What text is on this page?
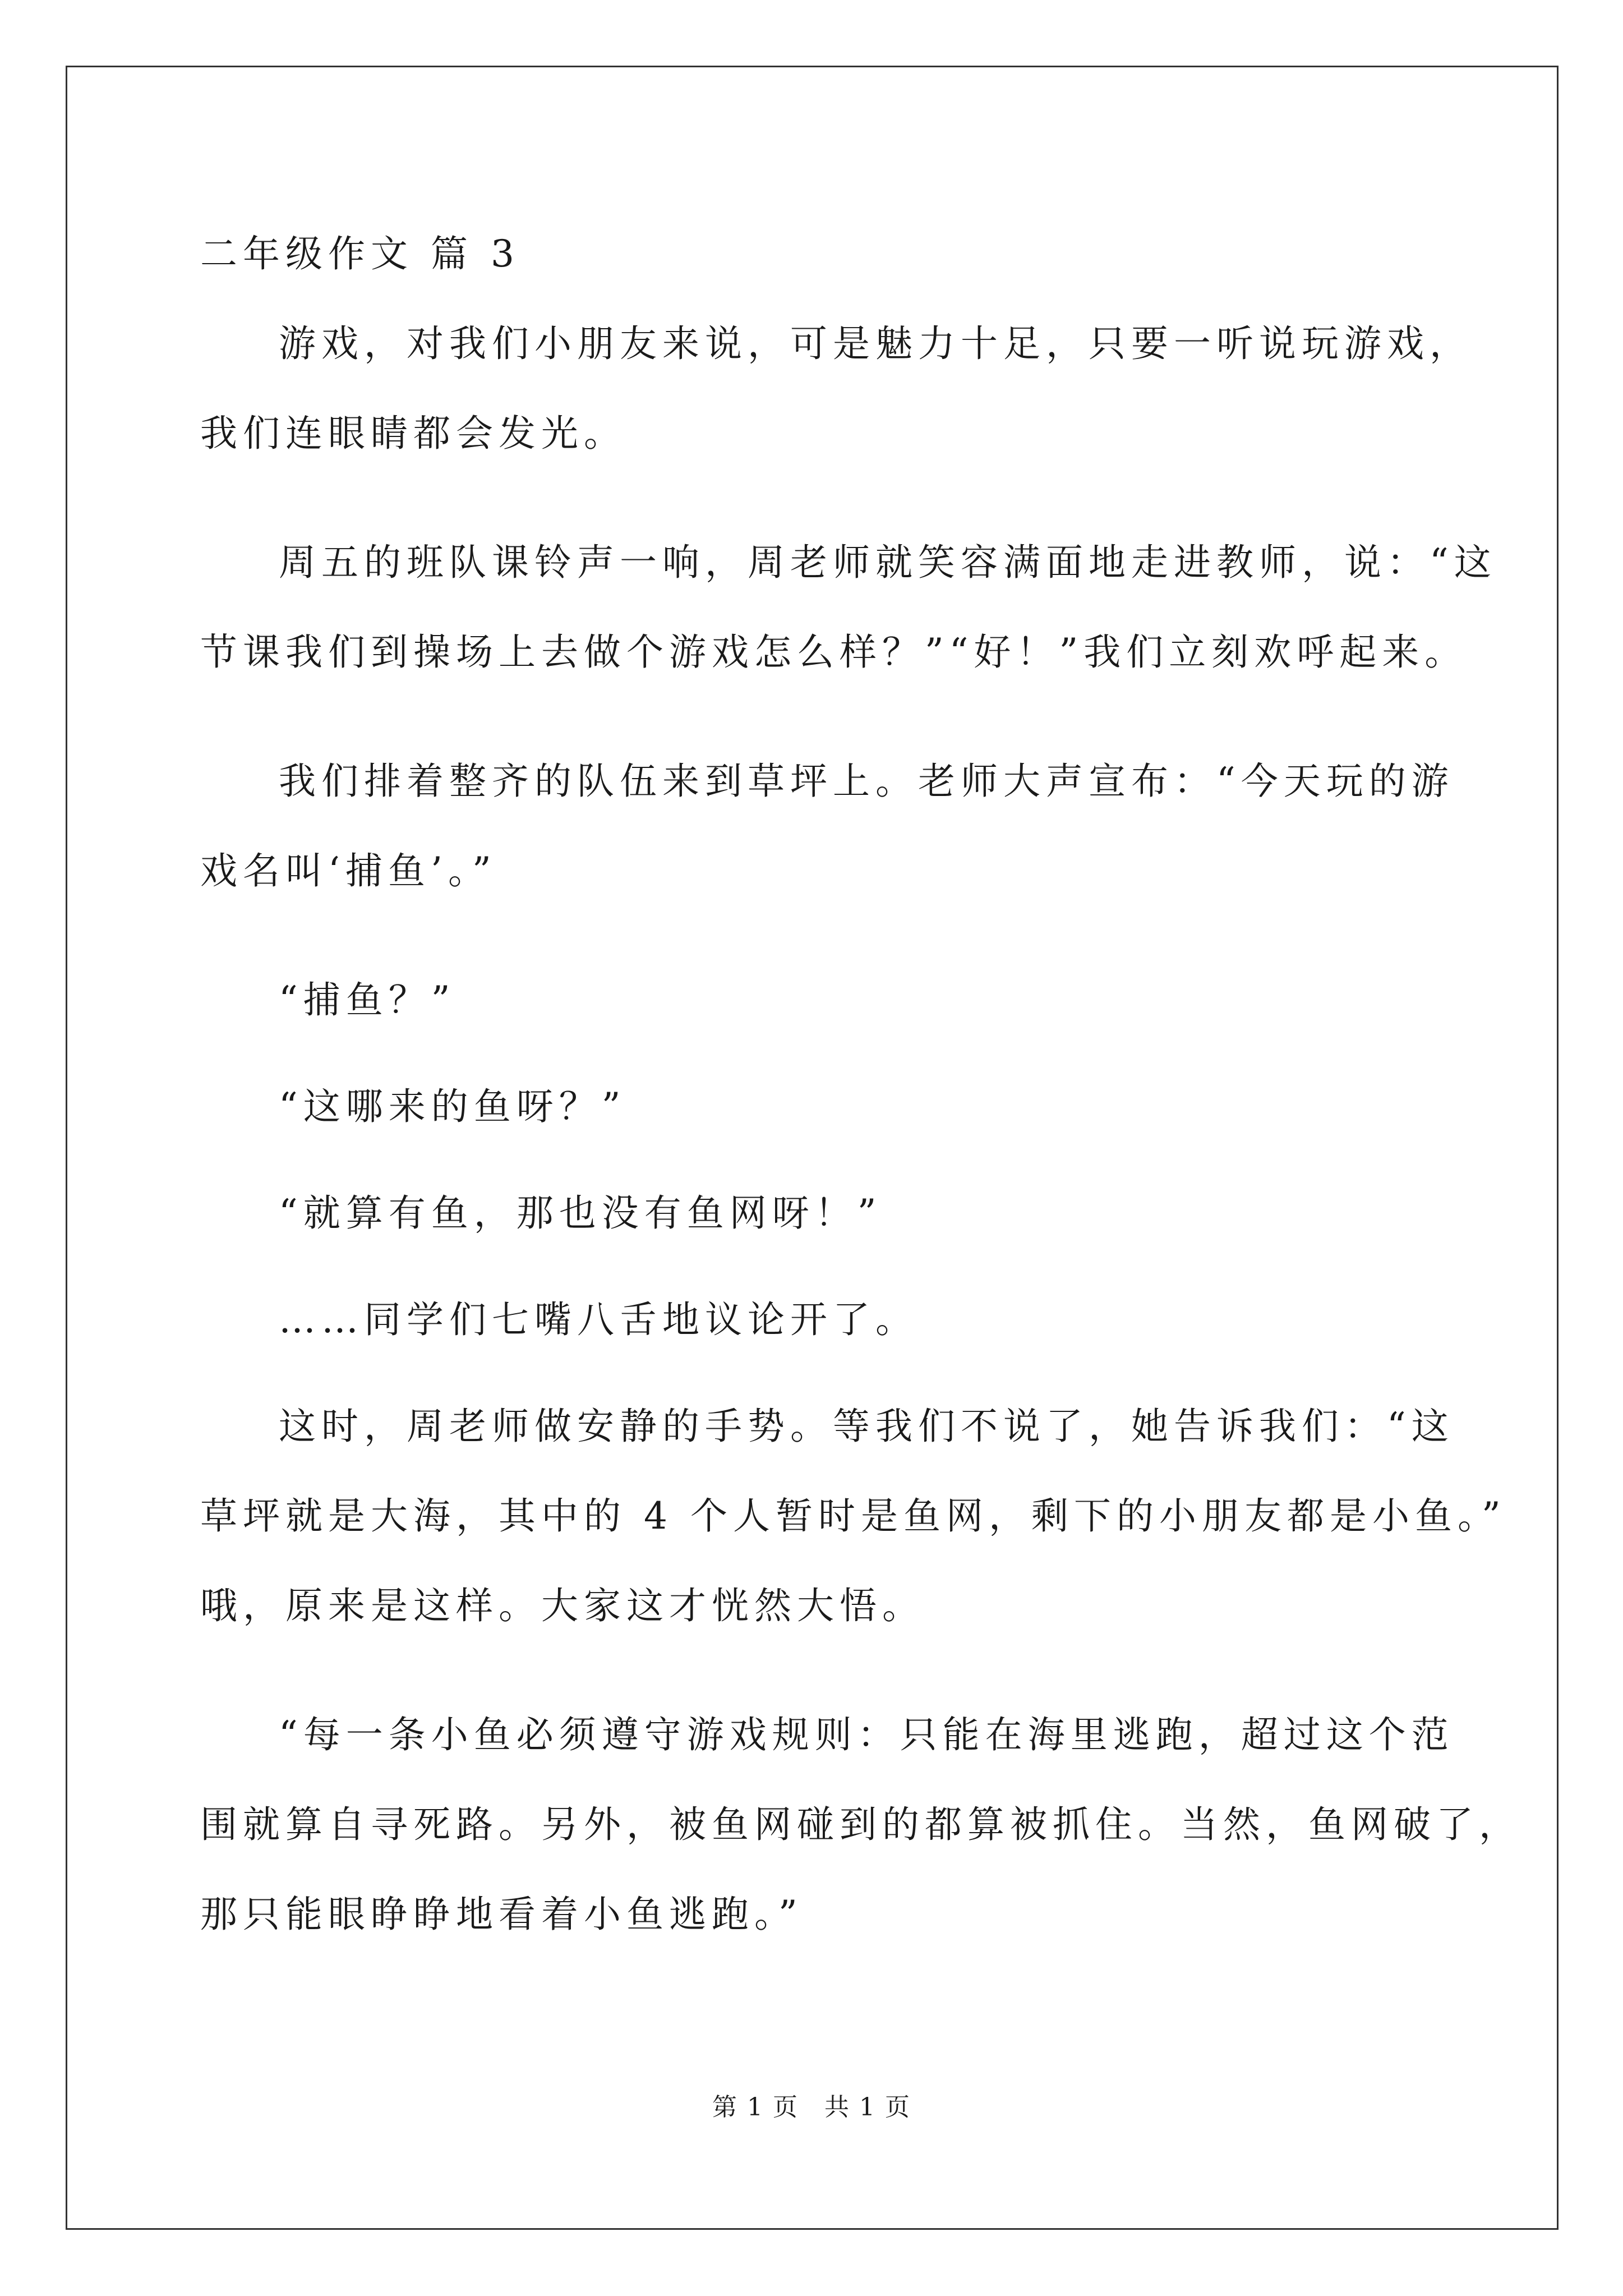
二年级作文 篇 3
游戏，对我们小朋友来说，可是魅力十足，只要一听说玩游戏，
我们连眼睛都会发光。
周五的班队课铃声一响，周老师就笑容满面地走进教师，说：“这
节课我们到操场上去做个游戏怎么样？”“好！”我们立刻欢呼起来。
我们排着整齐的队伍来到草坪上。老师大声宣布：“今天玩的游
戏名叫‘捕鱼’。”
“捕鱼？”
“这哪来的鱼呀？”
“就算有鱼，那也没有鱼网呀！”
……同学们七嘴八舌地议论开了。
这时，周老师做安静的手势。等我们不说了，她告诉我们：“这
草坪就是大海，其中的 4 个人暂时是鱼网，剩下的小朋友都是小鱼。”
哦，原来是这样。大家这才恍然大悟。
“每一条小鱼必须遵守游戏规则：只能在海里逃跑，超过这个范
围就算自寻死路。另外，被鱼网碰到的都算被抓住。当然，鱼网破了，
那只能眼睁睁地看着小鱼逃跑。”
第 1 页　共 1 页
